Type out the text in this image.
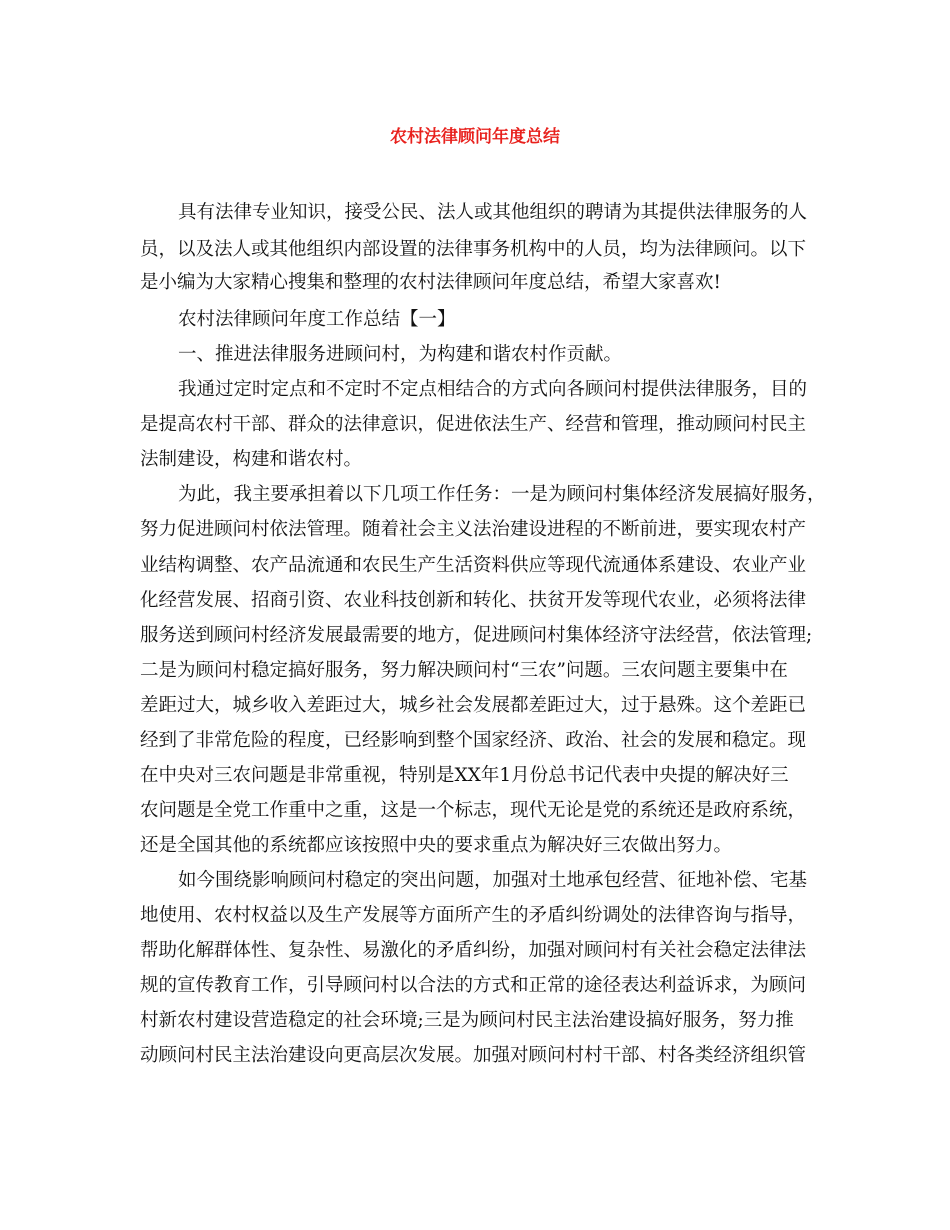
农村法律顾问年度总结

具有法律专业知识，接受公民、法人或其他组织的聘请为其提供法律服务的人

员，以及法人或其他组织内部设置的法律事务机构中的人员，均为法律顾问。以下

是小编为大家精心搜集和整理的农村法律顾问年度总结，希望大家喜欢!

农村法律顾问年度工作总结【一】

一、推进法律服务进顾问村，为构建和谐农村作贡献。

我通过定时定点和不定时不定点相结合的方式向各顾问村提供法律服务，目的

是提高农村干部、群众的法律意识，促进依法生产、经营和管理，推动顾问村民主

法制建设，构建和谐农村。

为此，我主要承担着以下几项工作任务：一是为顾问村集体经济发展搞好服务，

努力促进顾问村依法管理。随着社会主义法治建设进程的不断前进，要实现农村产

业结构调整、农产品流通和农民生产生活资料供应等现代流通体系建设、农业产业

化经营发展、招商引资、农业科技创新和转化、扶贫开发等现代农业，必须将法律

服务送到顾问村经济发展最需要的地方，促进顾问村集体经济守法经营，依法管理;

二是为顾问村稳定搞好服务，努力解决顾问村“三农”问题。三农问题主要集中在

差距过大，城乡收入差距过大，城乡社会发展都差距过大，过于悬殊。这个差距已

经到了非常危险的程度，已经影响到整个国家经济、政治、社会的发展和稳定。现

在中央对三农问题是非常重视，特别是XX年1月份总书记代表中央提的解决好三

农问题是全党工作重中之重，这是一个标志，现代无论是党的系统还是政府系统，

还是全国其他的系统都应该按照中央的要求重点为解决好三农做出努力。

如今围绕影响顾问村稳定的突出问题，加强对土地承包经营、征地补偿、宅基

地使用、农村权益以及生产发展等方面所产生的矛盾纠纷调处的法律咨询与指导，

帮助化解群体性、复杂性、易激化的矛盾纠纷，加强对顾问村有关社会稳定法律法

规的宣传教育工作，引导顾问村以合法的方式和正常的途径表达利益诉求，为顾问

村新农村建设营造稳定的社会环境;三是为顾问村民主法治建设搞好服务，努力推

动顾问村民主法治建设向更高层次发展。加强对顾问村村干部、村各类经济组织管
